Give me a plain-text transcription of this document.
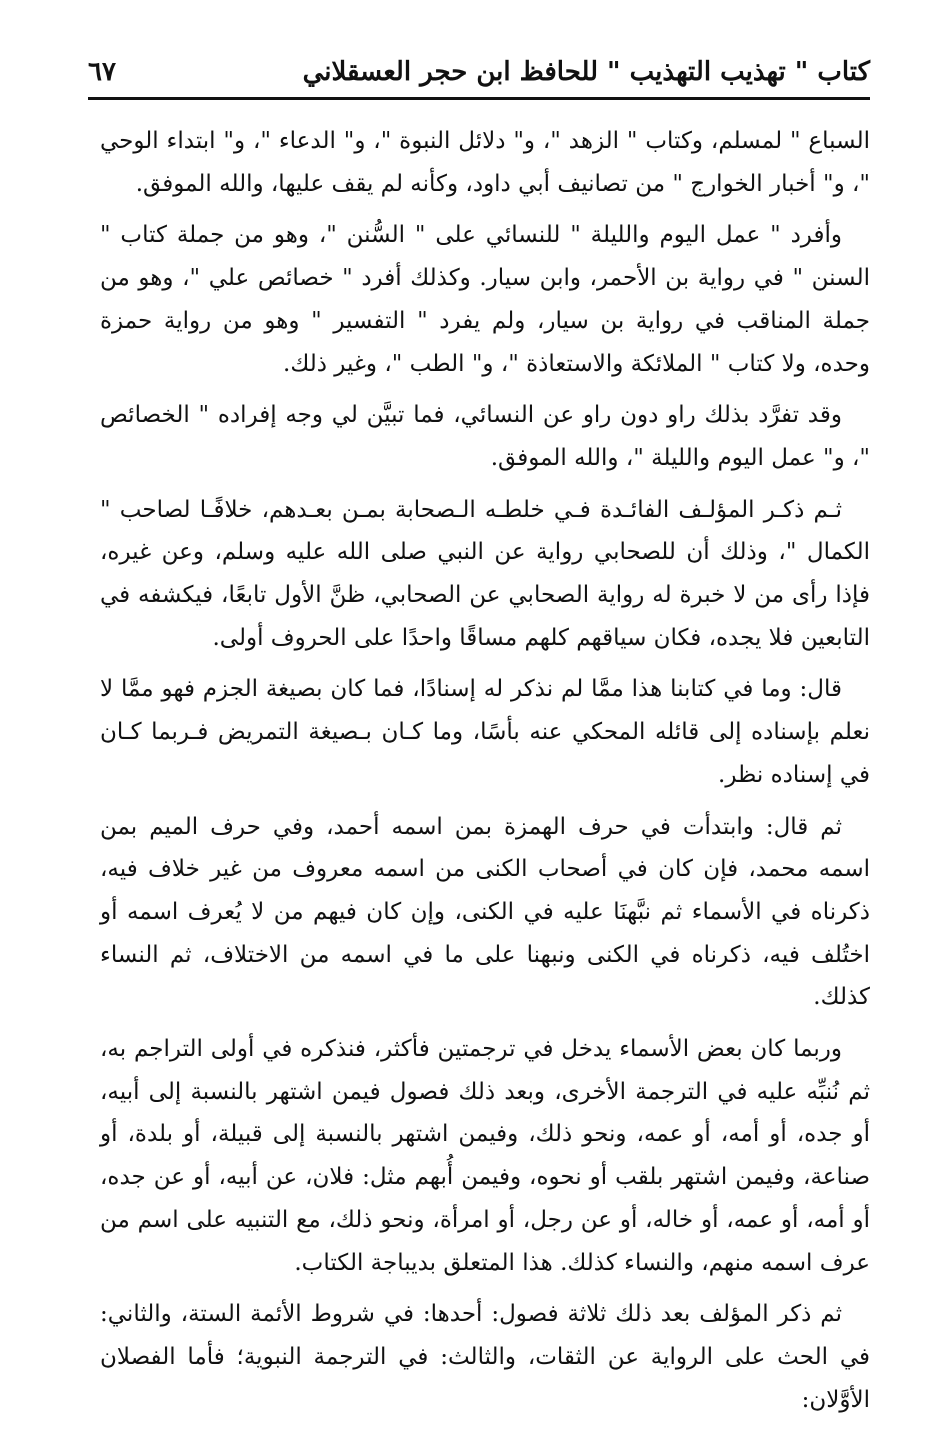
كتاب " تهذيب التهذيب " للحافظ ابن حجر العسقلاني
٦٧

السباع " لمسلم، وكتاب " الزهد "، و" دلائل النبوة "، و" الدعاء "، و" ابتداء الوحي "، و" أخبار الخوارج " من تصانيف أبي داود، وكأنه لم يقف عليها، والله الموفق.

وأفرد " عمل اليوم والليلة " للنسائي على " السُّنن "، وهو من جملة كتاب " السنن " في رواية بن الأحمر، وابن سيار. وكذلك أفرد " خصائص علي "، وهو من جملة المناقب في رواية بن سيار، ولم يفرد " التفسير " وهو من رواية حمزة وحده، ولا كتاب " الملائكة والاستعاذة "، و" الطب "، وغير ذلك.

وقد تفرَّد بذلك راو دون راو عن النسائي، فما تبيَّن لي وجه إفراده " الخصائص "، و" عمل اليوم والليلة "، والله الموفق.

ثـم ذكـر المؤلـف الفائـدة فـي خلطـه الـصحابة بمـن بعـدهم، خلافًـا لصاحب " الكمال "، وذلك أن للصحابي رواية عن النبي صلى الله عليه وسلم، وعن غيره، فإذا رأى من لا خبرة له رواية الصحابي عن الصحابي، ظنَّ الأول تابعًا، فيكشفه في التابعين فلا يجده، فكان سياقهم كلهم مساقًا واحدًا على الحروف أولى.

قال: وما في كتابنا هذا ممَّا لم نذكر له إسنادًا، فما كان بصيغة الجزم فهو ممَّا لا نعلم بإسناده إلى قائله المحكي عنه بأسًا، وما كـان بـصيغة التمريض فـربما كـان في إسناده نظر.

ثم قال: وابتدأت في حرف الهمزة بمن اسمه أحمد، وفي حرف الميم بمن اسمه محمد، فإن كان في أصحاب الكنى من اسمه معروف من غير خلاف فيه، ذكرناه في الأسماء ثم نبَّهنَا عليه في الكنى، وإن كان فيهم من لا يُعرف اسمه أو اختُلف فيه، ذكرناه في الكنى ونبهنا على ما في اسمه من الاختلاف، ثم النساء كذلك.

وربما كان بعض الأسماء يدخل في ترجمتين فأكثر، فنذكره في أولى التراجم به، ثم نُنبِّه عليه في الترجمة الأخرى، وبعد ذلك فصول فيمن اشتهر بالنسبة إلى أبيه، أو جده، أو أمه، أو عمه، ونحو ذلك، وفيمن اشتهر بالنسبة إلى قبيلة، أو بلدة، أو صناعة، وفيمن اشتهر بلقب أو نحوه، وفيمن أُبهم مثل: فلان، عن أبيه، أو عن جده، أو أمه، أو عمه، أو خاله، أو عن رجل، أو امرأة، ونحو ذلك، مع التنبيه على اسم من عرف اسمه منهم، والنساء كذلك. هذا المتعلق بديباجة الكتاب.

ثم ذكر المؤلف بعد ذلك ثلاثة فصول: أحدها: في شروط الأئمة الستة، والثاني: في الحث على الرواية عن الثقات، والثالث: في الترجمة النبوية؛ فأما الفصلان الأوَّلان:
